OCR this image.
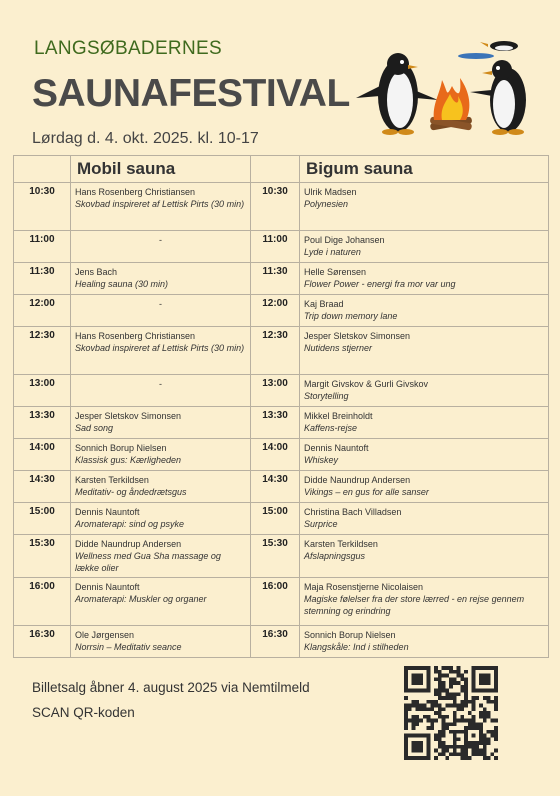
LANGSØBADERNES
SAUNAFESTIVAL
Lørdag d. 4. okt. 2025. kl. 10-17
	Mobil sauna		Bigum sauna
10:30	Hans Rosenberg Christiansen
Skovbad inspireret af Lettisk Pirts (30 min)	10:30	Ulrik Madsen
Polynesien

11:00	-	11:00	Poul Dige Johansen
Lyde i naturen

11:30	Jens Bach
Healing sauna (30 min)	11:30	Helle Sørensen
Flower Power - energi fra mor var ung

12:00	-	12:00	Kaj Braad
Trip down memory lane

12:30	Hans Rosenberg Christiansen
Skovbad inspireret af Lettisk Pirts (30 min)	12:30	Jesper Sletskov Simonsen
Nutidens stjerner

13:00	-	13:00	Margit Givskov & Gurli Givskov
Storytelling

13:30	Jesper Sletskov Simonsen
Sad song	13:30	Mikkel Breinholdt
Kaffens-rejse

14:00	Sonnich Borup Nielsen
Klassisk gus: Kærligheden	14:00	Dennis Nauntoft
Whiskey

14:30	Karsten Terkildsen
Meditativ- og åndedrætsgus	14:30	Didde Naundrup Andersen
Vikings – en gus for alle sanser

15:00	Dennis Nauntoft
Aromaterapi: sind og psyke	15:00	Christina Bach Villadsen
Surprice

15:30	Didde Naundrup Andersen
Wellness med Gua Sha massage og lække olier	15:30	Karsten Terkildsen
Afslapningsgus

16:00	Dennis Nauntoft
Aromaterapi: Muskler og organer	16:00	Maja Rosenstjerne Nicolaisen
Magiske følelser fra der store lærred - en rejse gennem stemning og erindring

16:30	Ole Jørgensen
Norrsin – Meditativ seance	16:30	Sonnich Borup Nielsen
Klangskåle: Ind i stilheden
Billetsalg åbner 4. august 2025 via Nemtilmeld
SCAN QR-koden
